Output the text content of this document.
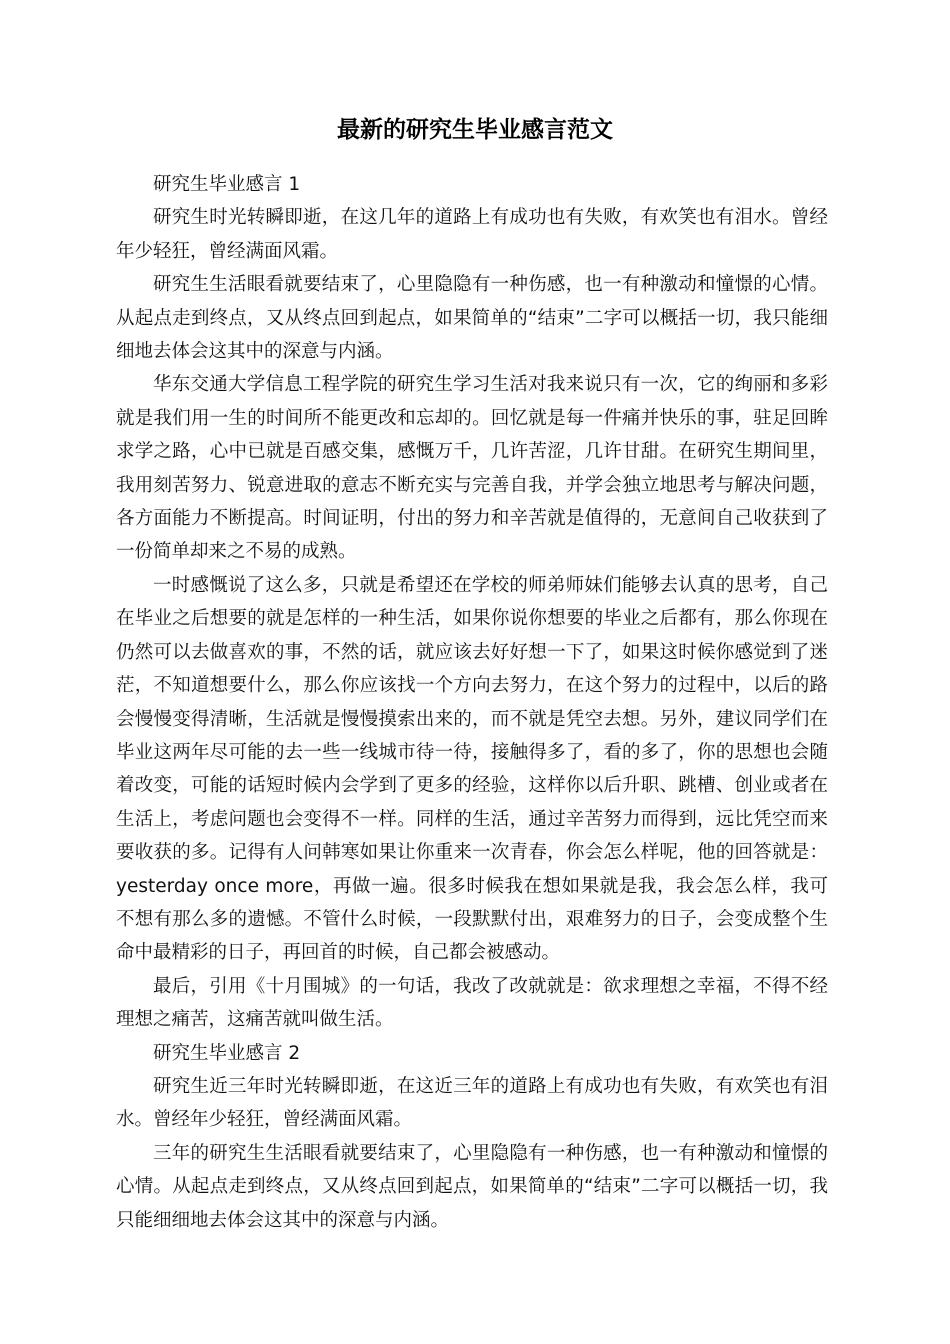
最新的研究生毕业感言范文

研究生毕业感言 1

研究生时光转瞬即逝，在这几年的道路上有成功也有失败，有欢笑也有泪水。曾经年少轻狂，曾经满面风霜。

研究生生活眼看就要结束了，心里隐隐有一种伤感，也一有种激动和憧憬的心情。从起点走到终点，又从终点回到起点，如果简单的“结束”二字可以概括一切，我只能细细地去体会这其中的深意与内涵。

华东交通大学信息工程学院的研究生学习生活对我来说只有一次，它的绚丽和多彩就是我们用一生的时间所不能更改和忘却的。回忆就是每一件痛并快乐的事，驻足回眸求学之路，心中已就是百感交集，感慨万千，几许苦涩，几许甘甜。在研究生期间里，我用刻苦努力、锐意进取的意志不断充实与完善自我，并学会独立地思考与解决问题，各方面能力不断提高。时间证明，付出的努力和辛苦就是值得的，无意间自己收获到了一份简单却来之不易的成熟。

一时感慨说了这么多，只就是希望还在学校的师弟师妹们能够去认真的思考，自己在毕业之后想要的就是怎样的一种生活，如果你说你想要的毕业之后都有，那么你现在仍然可以去做喜欢的事，不然的话，就应该去好好想一下了，如果这时候你感觉到了迷茫，不知道想要什么，那么你应该找一个方向去努力，在这个努力的过程中，以后的路会慢慢变得清晰，生活就是慢慢摸索出来的，而不就是凭空去想。另外，建议同学们在毕业这两年尽可能的去一些一线城市待一待，接触得多了，看的多了，你的思想也会随着改变，可能的话短时候内会学到了更多的经验，这样你以后升职、跳槽、创业或者在生活上，考虑问题也会变得不一样。同样的生活，通过辛苦努力而得到，远比凭空而来要收获的多。记得有人问韩寒如果让你重来一次青春，你会怎么样呢，他的回答就是：yesterday once more，再做一遍。很多时候我在想如果就是我，我会怎么样，我可不想有那么多的遗憾。不管什么时候，一段默默付出，艰难努力的日子，会变成整个生命中最精彩的日子，再回首的时候，自己都会被感动。

最后，引用《十月围城》的一句话，我改了改就就是：欲求理想之幸福，不得不经理想之痛苦，这痛苦就叫做生活。

研究生毕业感言 2

研究生近三年时光转瞬即逝，在这近三年的道路上有成功也有失败，有欢笑也有泪水。曾经年少轻狂，曾经满面风霜。

三年的研究生生活眼看就要结束了，心里隐隐有一种伤感，也一有种激动和憧憬的心情。从起点走到终点，又从终点回到起点，如果简单的“结束”二字可以概括一切，我只能细细地去体会这其中的深意与内涵。
